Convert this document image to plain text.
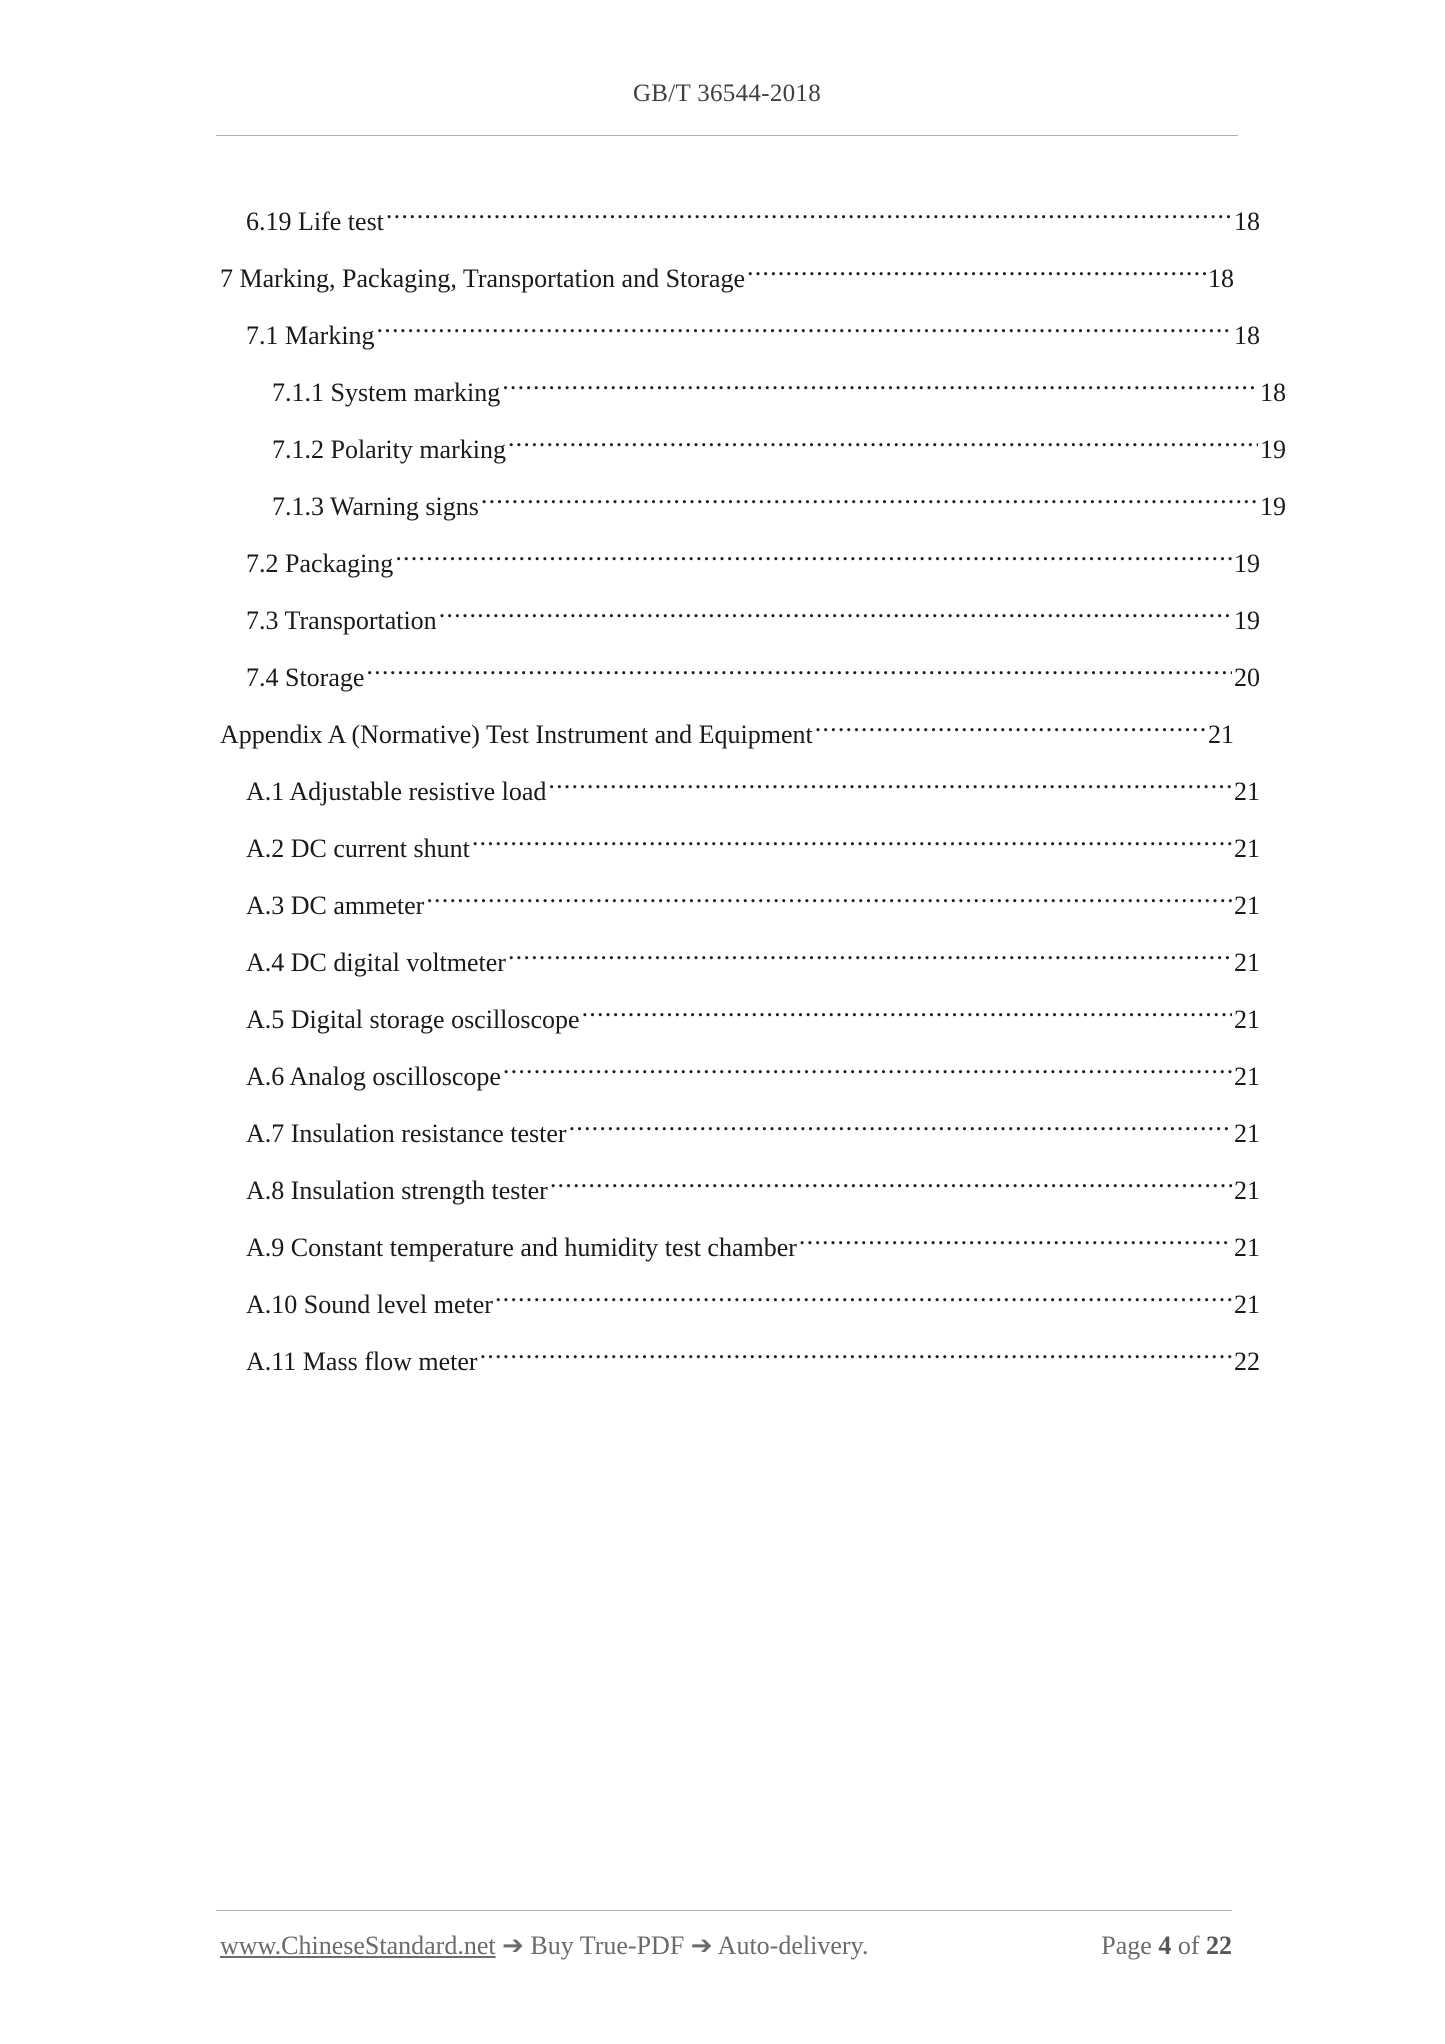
GB/T 36544-2018
6.19 Life test .....	18
7 Marking, Packaging, Transportation and Storage .....	18
7.1 Marking .....	18
7.1.1 System marking .....	18
7.1.2 Polarity marking .....	19
7.1.3 Warning signs .....	19
7.2 Packaging .....	19
7.3 Transportation .....	19
7.4 Storage .....	20
Appendix A (Normative) Test Instrument and Equipment .....	21
A.1 Adjustable resistive load .....	21
A.2 DC current shunt .....	21
A.3 DC ammeter .....	21
A.4 DC digital voltmeter .....	21
A.5 Digital storage oscilloscope .....	21
A.6 Analog oscilloscope .....	21
A.7 Insulation resistance tester .....	21
A.8 Insulation strength tester .....	21
A.9 Constant temperature and humidity test chamber .....	21
A.10 Sound level meter .....	21
A.11 Mass flow meter .....	22
www.ChineseStandard.net ➔ Buy True-PDF ➔ Auto-delivery.	Page 4 of 22
